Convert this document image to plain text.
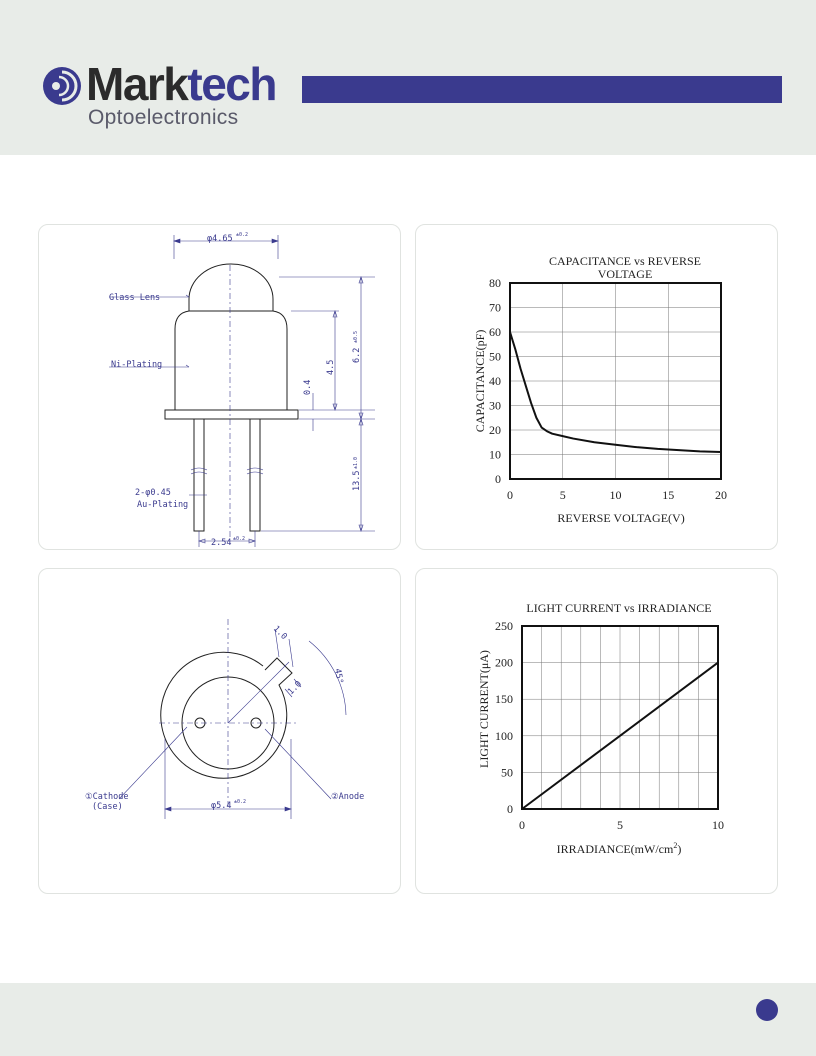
Marktech
Optoelectronics
φ4.65 ±0.2
Glass Lens
Ni-Plating
0.4
4.5
6.2
±0.5
13.5
±1.0
2-φ0.45
Au-Plating
2.54 ±0.2
CAPACITANCE vs REVERSE
VOLTAGE
REVERSE VOLTAGE(V)
CAPACITANCE(pF)
0	5	10	15	20
0
10
20
30
40
50
60
70
80
1.0
1.0
45°
①Cathode
(Case)
②Anode
φ5.4 ±0.2
LIGHT CURRENT vs IRRADIANCE
$IRRADIANCE(mW/cm^2)$
LIGHT CURRENT(μA)
0	5	10
0
50
100
150
200
250
